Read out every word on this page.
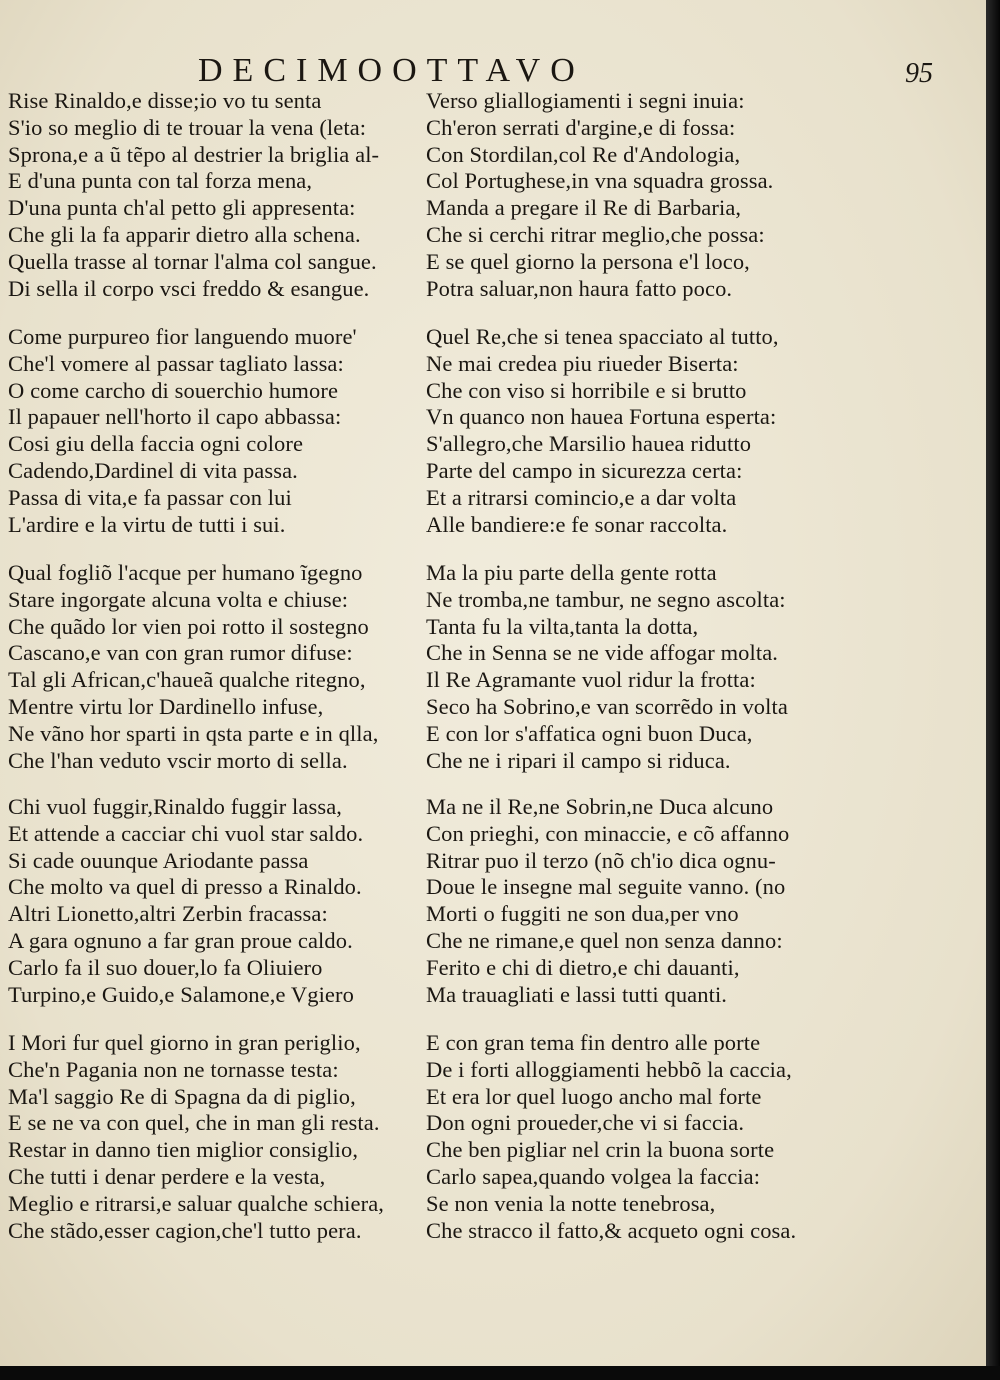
DECIMOOTTAVO	95
Rise Rinaldo,e disse;io vo tu senta
S'io so meglio di te trouar la vena (leta:
Sprona,e a ũ tẽpo al destrier la briglia al-
E d'una punta con tal forza mena,
D'una punta ch'al petto gli appresenta:
Che gli la fa apparir dietro alla schena.
Quella trasse al tornar l'alma col sangue.
Di sella il corpo vsci freddo & esangue.
Verso gliallogiamenti i segni inuia:
Ch'eron serrati d'argine,e di fossa:
Con Stordilan,col Re d'Andologia,
Col Portughese,in vna squadra grossa.
Manda a pregare il Re di Barbaria,
Che si cerchi ritrar meglio,che possa:
E se quel giorno la persona e'l loco,
Potra saluar,non haura fatto poco.
Come purpureo fior languendo muore'
Che'l vomere al passar tagliato lassa:
O come carcho di souerchio humore
Il papauer nell'horto il capo abbassa:
Cosi giu della faccia ogni colore
Cadendo,Dardinel di vita passa.
Passa di vita,e fa passar con lui
L'ardire e la virtu de tutti i sui.
Quel Re,che si tenea spacciato al tutto,
Ne mai credea piu riueder Biserta:
Che con viso si horribile e si brutto
Vn quanco non hauea Fortuna esperta:
S'allegro,che Marsilio hauea ridutto
Parte del campo in sicurezza certa:
Et a ritrarsi comincio,e a dar volta
Alle bandiere:e fe sonar raccolta.
Qual fogliõ l'acque per humano ĩgegno
Stare ingorgate alcuna volta e chiuse:
Che quãdo lor vien poi rotto il sostegno
Cascano,e van con gran rumor difuse:
Tal gli African,c'haueã qualche ritegno,
Mentre virtu lor Dardinello infuse,
Ne vãno hor sparti in qsta parte e in qlla,
Che l'han veduto vscir morto di sella.
Ma la piu parte della gente rotta
Ne tromba,ne tambur, ne segno ascolta:
Tanta fu la vilta,tanta la dotta,
Che in Senna se ne vide affogar molta.
Il Re Agramante vuol ridur la frotta:
Seco ha Sobrino,e van scorrẽdo in volta
E con lor s'affatica ogni buon Duca,
Che ne i ripari il campo si riduca.
Chi vuol fuggir,Rinaldo fuggir lassa,
Et attende a cacciar chi vuol star saldo.
Si cade ouunque Ariodante passa
Che molto va quel di presso a Rinaldo.
Altri Lionetto,altri Zerbin fracassa:
A gara ognuno a far gran proue caldo.
Carlo fa il suo douer,lo fa Oliuiero
Turpino,e Guido,e Salamone,e Vgiero
Ma ne il Re,ne Sobrin,ne Duca alcuno
Con prieghi, con minaccie, e cõ affanno
Ritrar puo il terzo (nõ ch'io dica ognu-
Doue le insegne mal seguite vanno. (no
Morti o fuggiti ne son dua,per vno
Che ne rimane,e quel non senza danno:
Ferito e chi di dietro,e chi dauanti,
Ma trauagliati e lassi tutti quanti.
I Mori fur quel giorno in gran periglio,
Che'n Pagania non ne tornasse testa:
Ma'l saggio Re di Spagna da di piglio,
E se ne va con quel, che in man gli resta.
Restar in danno tien miglior consiglio,
Che tutti i denar perdere e la vesta,
Meglio e ritrarsi,e saluar qualche schiera,
Che stãdo,esser cagion,che'l tutto pera.
E con gran tema fin dentro alle porte
De i forti alloggiamenti hebbõ la caccia,
Et era lor quel luogo ancho mal forte
Don ogni proueder,che vi si faccia.
Che ben pigliar nel crin la buona sorte
Carlo sapea,quando volgea la faccia:
Se non venia la notte tenebrosa,
Che stracco il fatto,& acqueto ogni cosa.
